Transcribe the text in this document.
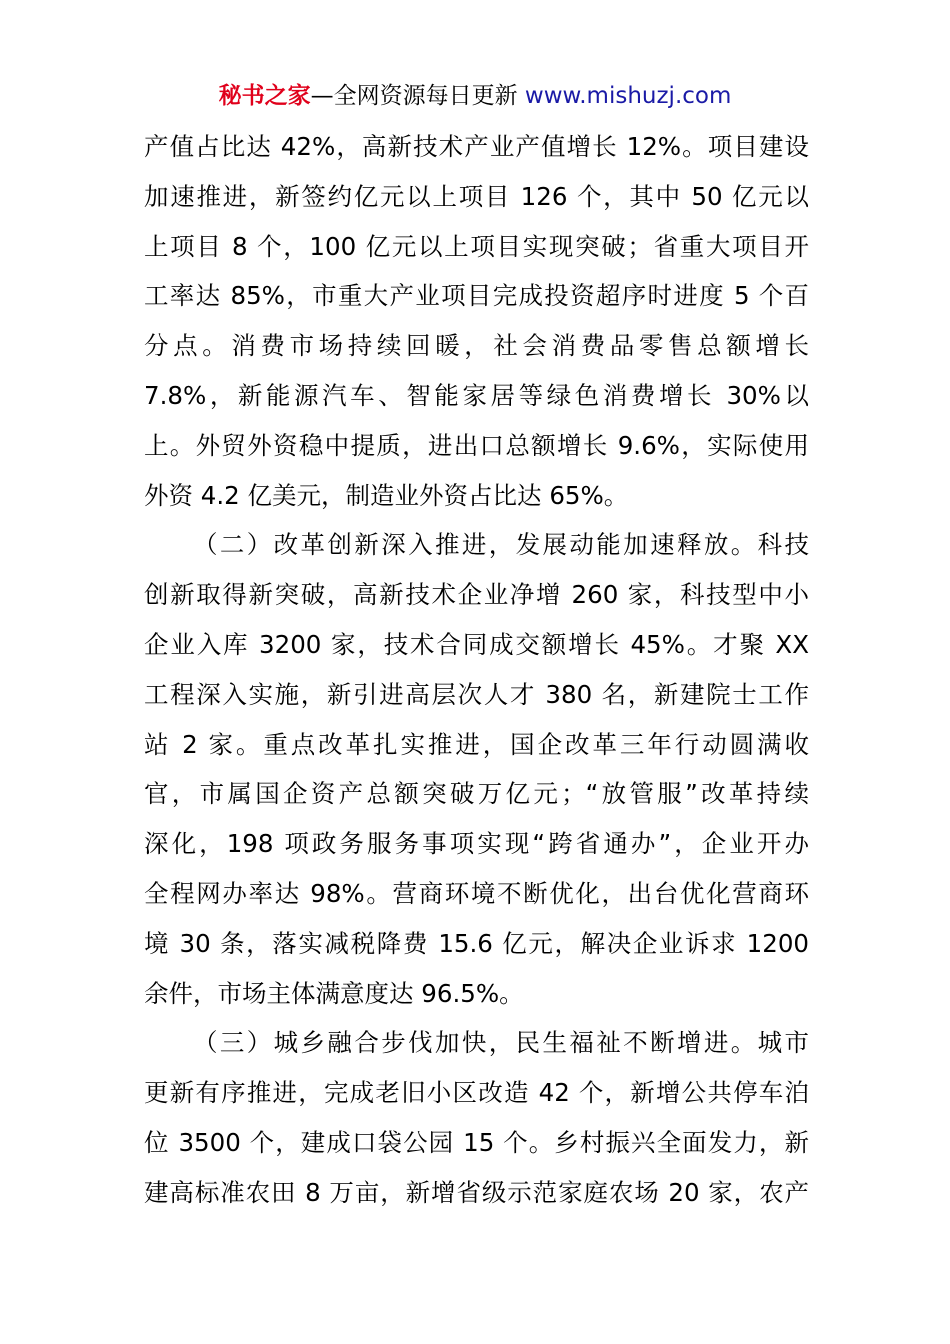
秘书之家—全网资源每日更新 www.mishuzj.com
产值占比达 42%，高新技术产业产值增长 12%。项目建设
加速推进，新签约亿元以上项目 126 个，其中 50 亿元以
上项目 8 个，100 亿元以上项目实现突破；省重大项目开
工率达 85%，市重大产业项目完成投资超序时进度 5 个百
分点。消费市场持续回暖，社会消费品零售总额增长
7.8%，新能源汽车、智能家居等绿色消费增长 30%以
上。外贸外资稳中提质，进出口总额增长 9.6%，实际使用
外资 4.2 亿美元，制造业外资占比达 65%。
（二）改革创新深入推进，发展动能加速释放。科技
创新取得新突破，高新技术企业净增 260 家，科技型中小
企业入库 3200 家，技术合同成交额增长 45%。才聚 XX
工程深入实施，新引进高层次人才 380 名，新建院士工作
站 2 家。重点改革扎实推进，国企改革三年行动圆满收
官，市属国企资产总额突破万亿元；“放管服”改革持续
深化，198 项政务服务事项实现“跨省通办”，企业开办
全程网办率达 98%。营商环境不断优化，出台优化营商环
境 30 条，落实减税降费 15.6 亿元，解决企业诉求 1200
余件，市场主体满意度达 96.5%。
（三）城乡融合步伐加快，民生福祉不断增进。城市
更新有序推进，完成老旧小区改造 42 个，新增公共停车泊
位 3500 个，建成口袋公园 15 个。乡村振兴全面发力，新
建高标准农田 8 万亩，新增省级示范家庭农场 20 家，农产
